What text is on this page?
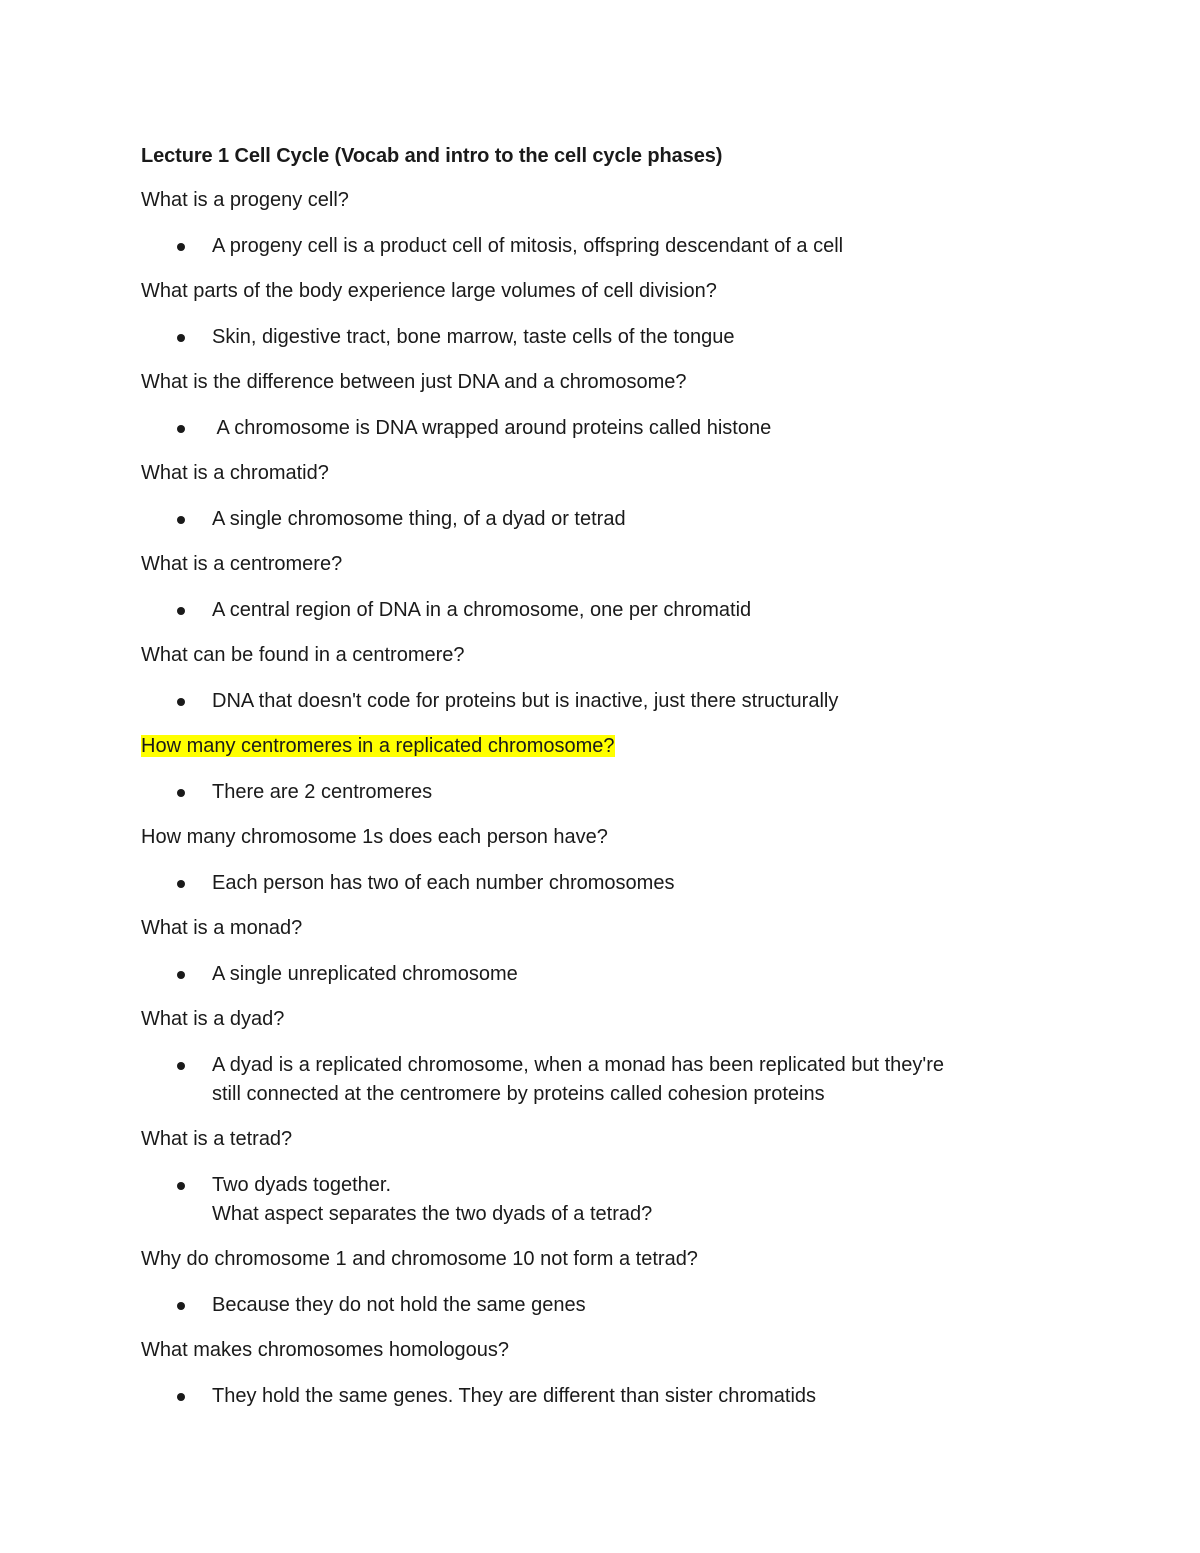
Lecture 1 Cell Cycle (Vocab and intro to the cell cycle phases)
What is a progeny cell?
A progeny cell is a product cell of mitosis, offspring descendant of a cell
What parts of the body experience large volumes of cell division?
Skin, digestive tract, bone marrow, taste cells of the tongue
What is the difference between just DNA and a chromosome?
A chromosome is DNA wrapped around proteins called histone
What is a chromatid?
A single chromosome thing, of a dyad or tetrad
What is a centromere?
A central region of DNA in a chromosome, one per chromatid
What can be found in a centromere?
DNA that doesn't code for proteins but is inactive, just there structurally
How many centromeres in a replicated chromosome?
There are 2 centromeres
How many chromosome 1s does each person have?
Each person has two of each number chromosomes
What is a monad?
A single unreplicated chromosome
What is a dyad?
A dyad is a replicated chromosome, when a monad has been replicated but they're
still connected at the centromere by proteins called cohesion proteins
What is a tetrad?
Two dyads together.
What aspect separates the two dyads of a tetrad?
Why do chromosome 1 and chromosome 10 not form a tetrad?
Because they do not hold the same genes
What makes chromosomes homologous?
They hold the same genes. They are different than sister chromatids
